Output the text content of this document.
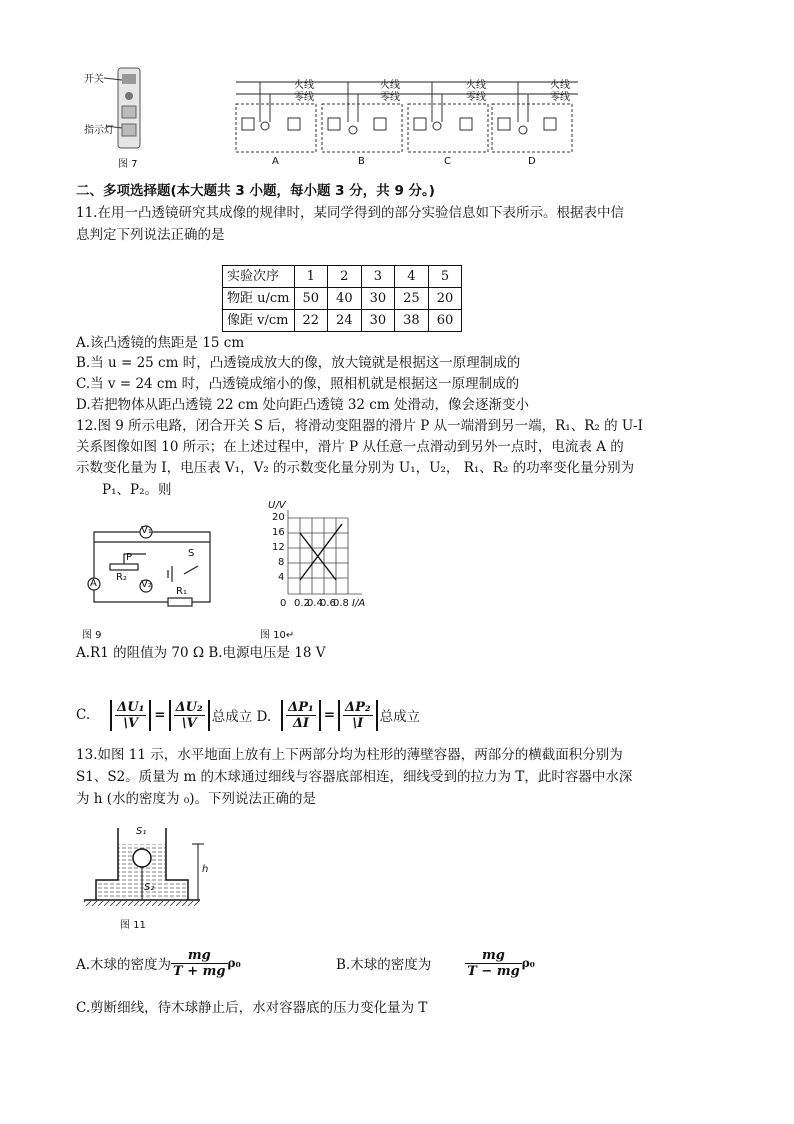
开关
指示灯
图 7
火线
零线
A
火线
零线
B
火线
零线
C
火线
零线
D
二、多项选择题(本大题共 3 小题，每小题 3 分，共 9 分。)
11.在用一凸透镜研究其成像的规律时，某同学得到的部分实验信息如下表所示。根据表中信
息判定下列说法正确的是
实验次序	1	2	3	4	5
物距 u/cm	50	40	30	25	20
像距 v/cm	22	24	30	38	60
A.该凸透镜的焦距是 15 cm
B.当 u = 25 cm 时，凸透镜成放大的像，放大镜就是根据这一原理制成的
C.当 v = 24 cm 时，凸透镜成缩小的像，照相机就是根据这一原理制成的
D.若把物体从距凸透镜 22 cm 处向距凸透镜 32 cm 处滑动，像会逐渐变小
12.图 9 所示电路，闭合开关 S 后，将滑动变阻器的滑片 P 从一端滑到另一端，R₁、R₂ 的 U-I
关系图像如图 10 所示；在上述过程中，滑片 P 从任意一点滑动到另外一点时，电流表 A 的
示数变化量为 I，电压表 V₁，V₂ 的示数变化量分别为 U₁，U₂， R₁、R₂ 的功率变化量分别为
P₁、P₂。则
V₁
P	S
R₂
A	V₂
R₁
图 9
U/V
20
16
12
8
4
0 0.2
0.4
0.6
0.8 I/A
图 10↵
A.R1 的阻值为 70 Ω B.电源电压是 18 V
C. $\frac{\text{ΔU₁}}{\backslash V} = \frac{\text{ΔU₂}}{\backslash V}$ 总成立 D. $\frac{\text{ΔP₁}}{\Delta I} = \frac{\text{ΔP₂}}{\backslash I}$ 总成立
13.如图 11 示，水平地面上放有上下两部分均为柱形的薄壁容器，两部分的横截面积分别为
S1、S2。质量为 m 的木球通过细线与容器底部相连，细线受到的拉力为 T，此时容器中水深
为 h (水的密度为 ₀)。下列说法正确的是
S₁
S₂
h
图 11
A.木球的密度为 $\frac{mg}{T + mg} \rho_0$	B.木球的密度为	$\frac{mg}{T - mg} \rho_0$
C.剪断细线，待木球静止后，水对容器底的压力变化量为 T
